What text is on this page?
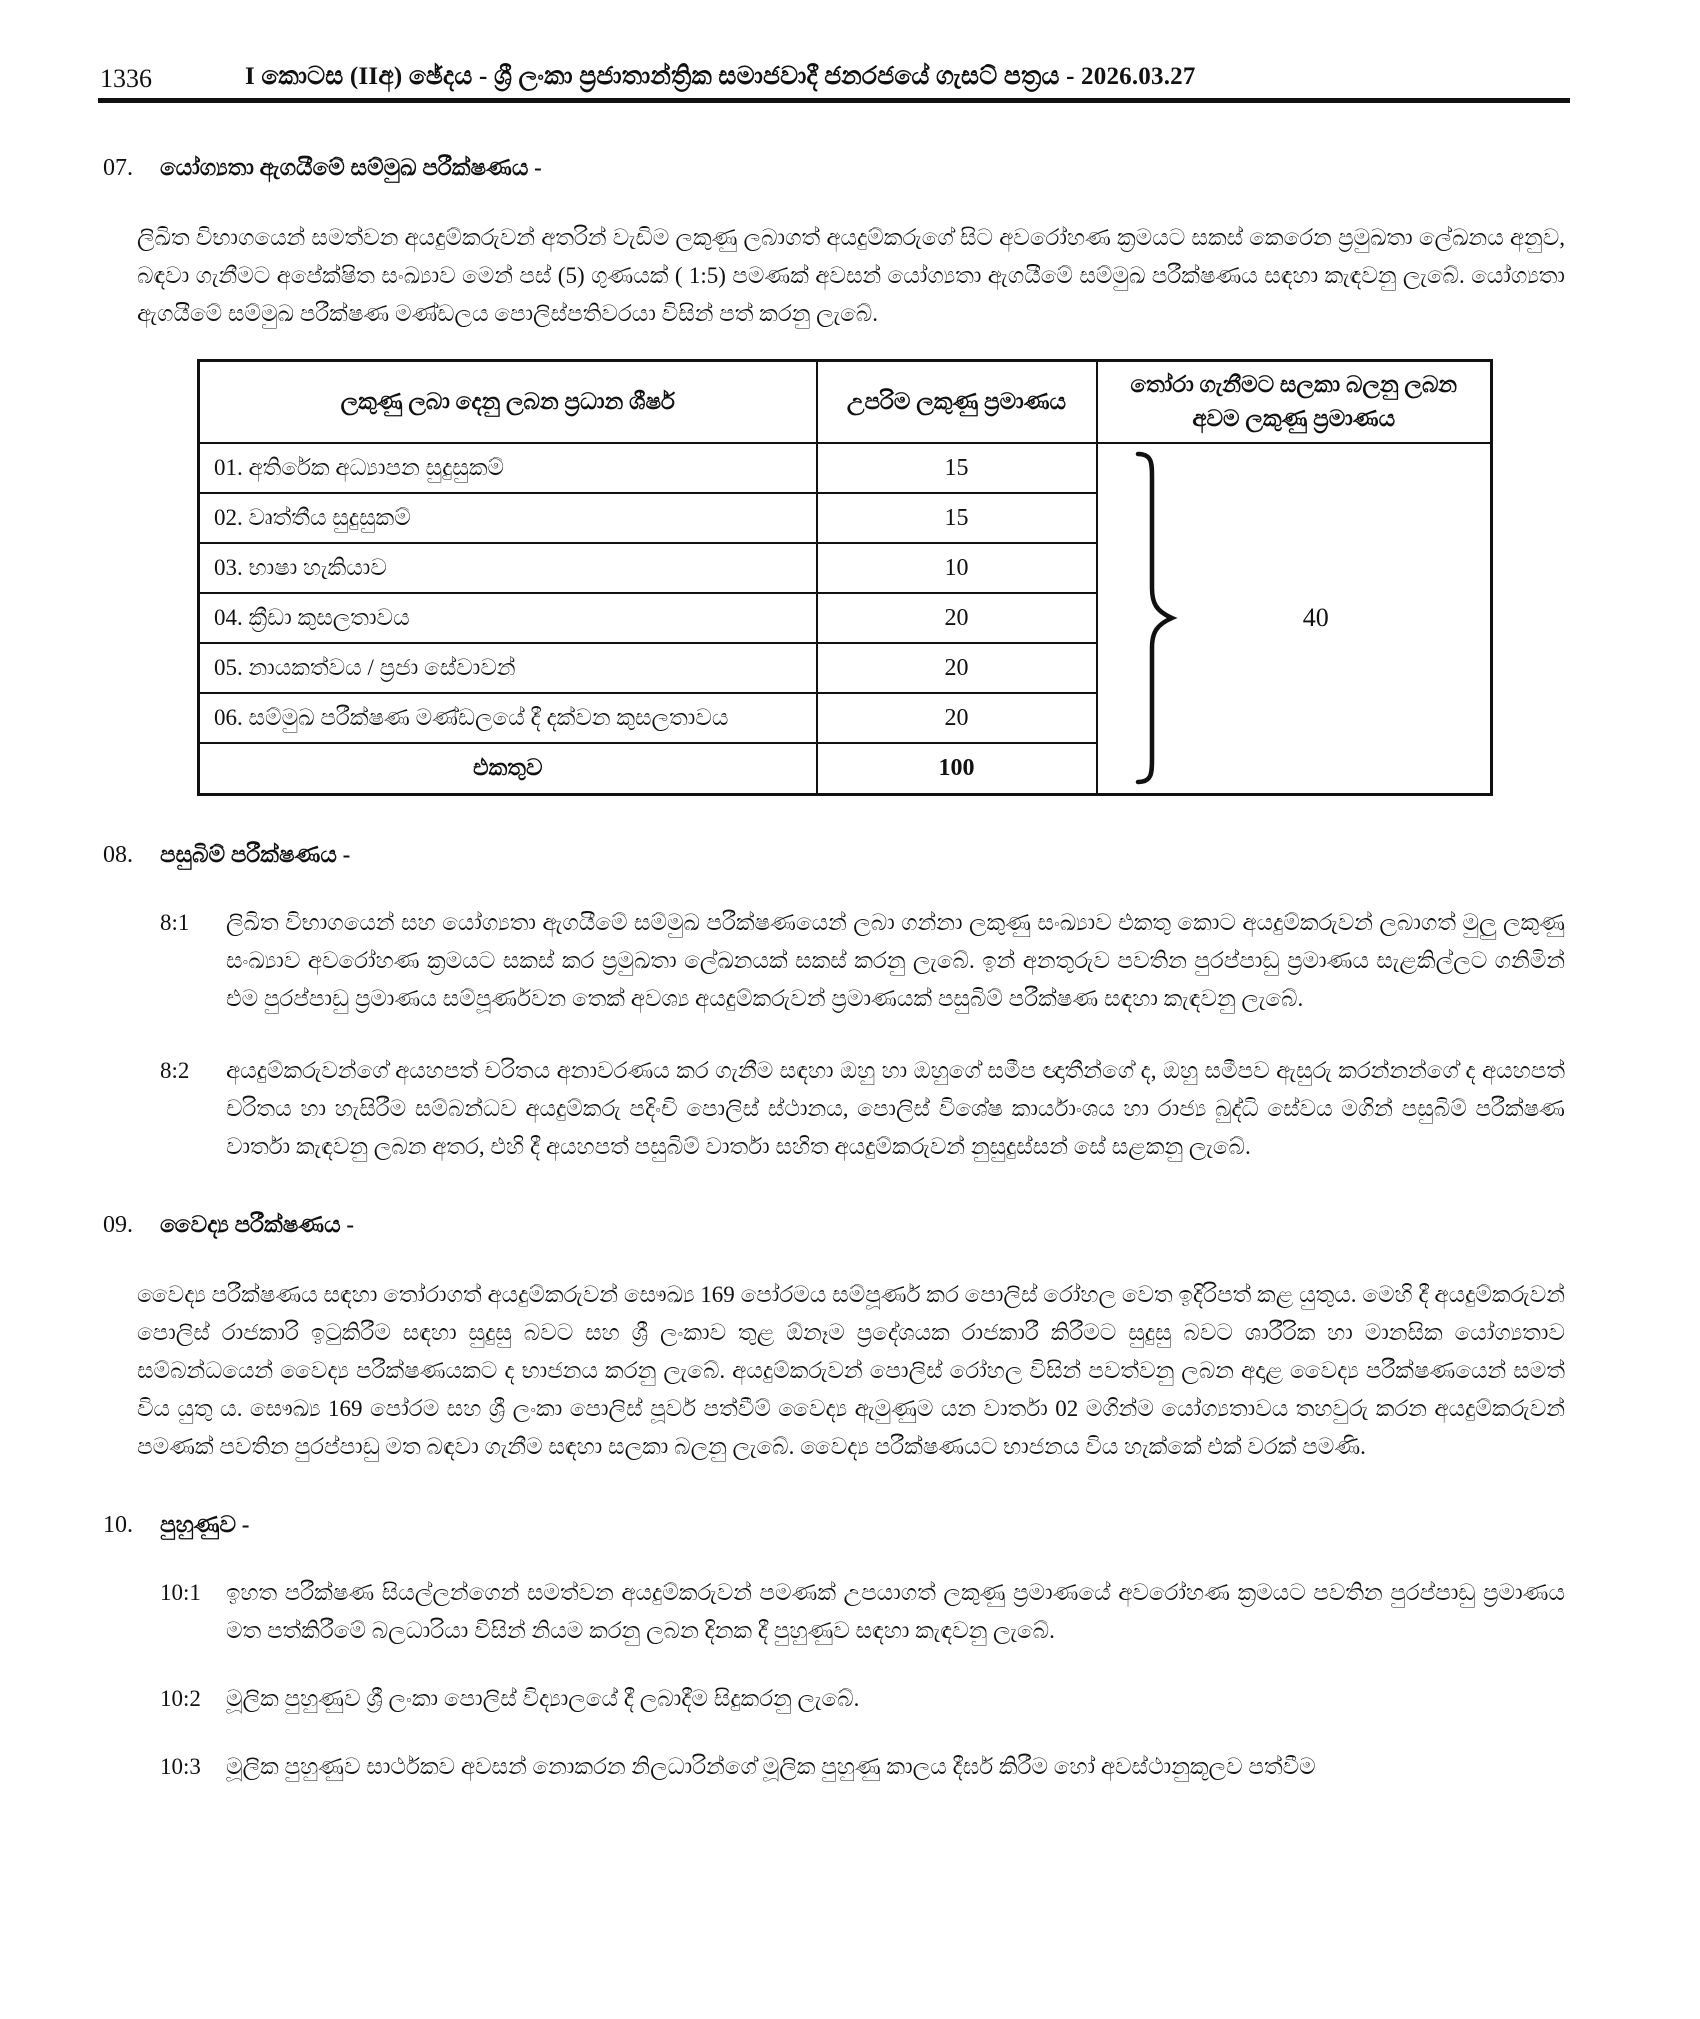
1336	I කොටස (IIඅ) ඡේදය - ශ්‍රී ලංකා ප්‍රජාතාන්ත්‍රික සමාජවාදී ජනරජයේ ගැසට් පත්‍රය - 2026.03.27
07.	යෝග්‍යතා ඇගයීමේ සම්මුඛ පරීක්ෂණය -
ලිඛිත විභාගයෙන් සමත්වන අයදුම්කරුවන් අතරින් වැඩිම ලකුණු ලබාගත් අයදුම්කරුගේ සිට අවරෝහණ ක්‍රමයට සකස් කෙරෙන ප්‍රමුඛතා ලේඛනය අනුව, බඳවා ගැනීමට අපේක්ෂිත සංඛ්‍යාව මෙන් පස් (5) ගුණයක් ( 1:5) පමණක් අවසන් යෝග්‍යතා ඇගයීමේ සම්මුඛ පරීක්ෂණය සඳහා කැඳවනු ලැබේ. යෝග්‍යතා ඇගයීමේ සම්මුඛ පරීක්ෂණ මණ්ඩලය පොලිස්පතිවරයා විසින් පත් කරනු ලැබේ.
ලකුණු ලබා දෙනු ලබන ප්‍රධාන ශීර්ෂ	උපරිම ලකුණු ප්‍රමාණය	තෝරා ගැනීමට සලකා බලනු ලබන අවම ලකුණු ප්‍රමාණය
01. අතිරේක අධ්‍යාපන සුදුසුකම්	15	40

02. වෘත්තීය සුදුසුකම්	15	
03. භාෂා හැකියාව	10	
04. ක්‍රීඩා කුසලතාවය	20	
05. නායකත්වය / ප්‍රජා සේවාවන්	20	
06. සම්මුඛ පරීක්ෂණ මණ්ඩලයේ දී දක්වන කුසලතාවය	20	
එකතුව	100	
08.	පසුබිම් පරීක්ෂණය -
8:1	ලිඛිත විභාගයෙන් සහ යෝග්‍යතා ඇගයීමේ සම්මුඛ පරීක්ෂණයෙන් ලබා ගන්නා ලකුණු සංඛ්‍යාව එකතු කොට අයදුම්කරුවන් ලබාගත් මුලු ලකුණු සංඛ්‍යාව අවරෝහණ ක්‍රමයට සකස් කර ප්‍රමුඛතා ලේඛනයක් සකස් කරනු ලැබේ. ඉන් අනතුරුව පවතින පුරප්පාඩු ප්‍රමාණය සැළකිල්ලට ගනිමින් එම පුරප්පාඩු ප්‍රමාණය සම්පූර්ණවන තෙක් අවශ්‍ය අයදුම්කරුවන් ප්‍රමාණයක් පසුබිම් පරීක්ෂණ සඳහා කැඳවනු ලැබේ.
8:2	අයදුම්කරුවන්ගේ අයහපත් චරිතය අනාවරණය කර ගැනීම සඳහා ඔහු හා ඔහුගේ සමීප ඥාතීන්ගේ ද, ඔහු සමීපව ඇසුරු කරන්නන්ගේ ද අයහපත් චරිතය හා හැසිරීම සම්බන්ධව අයදුම්කරු පදිංචි පොලිස් ස්ථානය, පොලිස් විශේෂ කාර්යාංශය හා රාජ්‍ය බුද්ධි සේවය මගින් පසුබිම් පරීක්ෂණ වාර්තා කැඳවනු ලබන අතර, එහි දී අයහපත් පසුබිම් වාර්තා සහිත අයදුම්කරුවන් නුසුදුස්සන් සේ සළකනු ලැබේ.
09.	වෛද්‍ය පරීක්ෂණය -
වෛද්‍ය පරීක්ෂණය සඳහා තෝරාගත් අයදුම්කරුවන් සෞඛ්‍ය 169 පෝරමය සම්පූර්ණ කර පොලිස් රෝහල වෙත ඉදිරිපත් කළ යුතුය. මෙහි දී අයදුම්කරුවන් පොලිස් රාජකාරි ඉටුකිරීම සඳහා සුදුසු බවට සහ ශ්‍රී ලංකාව තුළ ඕනෑම ප්‍රදේශයක රාජකාරී කිරීමට සුදුසු බවට ශාරීරික හා මානසික යෝග්‍යතාව සම්බන්ධයෙන් වෛද්‍ය පරීක්ෂණයකට ද භාජනය කරනු ලැබේ. අයදුම්කරුවන් පොලිස් රෝහල විසින් පවත්වනු ලබන අදාළ වෛද්‍ය පරීක්ෂණයෙන් සමත් විය යුතු ය. සෞඛ්‍ය 169 පෝරම සහ ශ්‍රී ලංකා පොලිස් පූර්ව පත්වීම් වෛද්‍ය ඇමුණුම යන වාර්තා 02 මගින්ම යෝග්‍යතාවය තහවුරු කරන අයදුම්කරුවන් පමණක් පවතින පුරප්පාඩු මත බඳවා ගැනීම සඳහා සලකා බලනු ලැබේ. වෛද්‍ය පරීක්ෂණයට භාජනය විය හැක්කේ එක් වරක් පමණි.
10.	පුහුණුව -
10:1	ඉහත පරීක්ෂණ සියල්ලන්ගෙන් සමත්වන අයදුම්කරුවන් පමණක් උපයාගත් ලකුණු ප්‍රමාණයේ අවරෝහණ ක්‍රමයට පවතින පුරප්පාඩු ප්‍රමාණය මත පත්කිරීමේ බලධාරියා විසින් නියම කරනු ලබන දිනක දී පුහුණුව සඳහා කැඳවනු ලැබේ.
10:2	මූලික පුහුණුව ශ්‍රී ලංකා පොලිස් විද්‍යාලයේ දී ලබාදීම සිදුකරනු ලැබේ.
10:3	මූලික පුහුණුව සාර්ථකව අවසන් නොකරන නිලධාරින්ගේ මූලික පුහුණු කාලය දීර්ඝ කිරීම හෝ අවස්ථානුකූලව පත්වීම
